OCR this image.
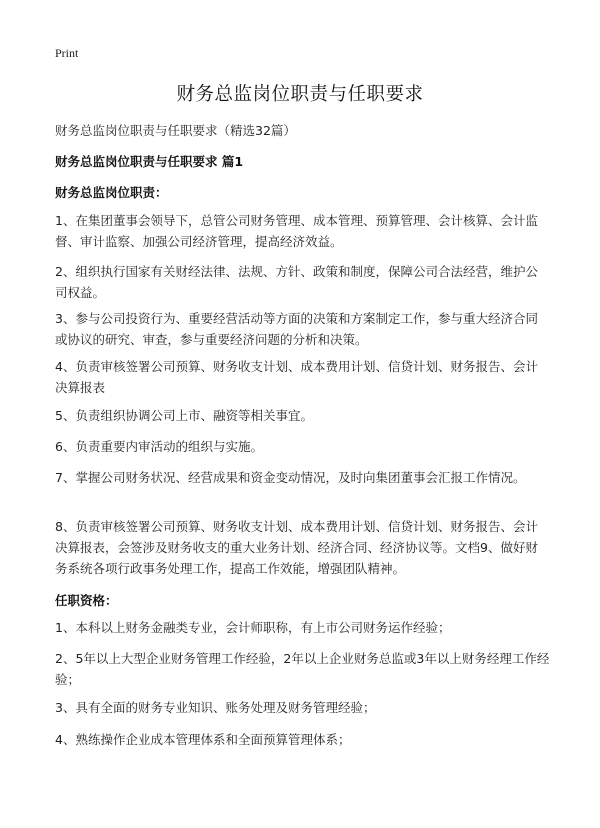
Print
财务总监岗位职责与任职要求
财务总监岗位职责与任职要求（精选32篇）
财务总监岗位职责与任职要求 篇1
财务总监岗位职责：
1、在集团董事会领导下，总管公司财务管理、成本管理、预算管理、会计核算、会计监督、审计监察、加强公司经济管理，提高经济效益。
2、组织执行国家有关财经法律、法规、方针、政策和制度，保障公司合法经营，维护公司权益。
3、参与公司投资行为、重要经营活动等方面的决策和方案制定工作，参与重大经济合同或协议的研究、审查，参与重要经济问题的分析和决策。
4、负责审核签署公司预算、财务收支计划、成本费用计划、信贷计划、财务报告、会计决算报表
5、负责组织协调公司上市、融资等相关事宜。
6、负责重要内审活动的组织与实施。
7、掌握公司财务状况、经营成果和资金变动情况，及时向集团董事会汇报工作情况。
8、负责审核签署公司预算、财务收支计划、成本费用计划、信贷计划、财务报告、会计决算报表，会签涉及财务收支的重大业务计划、经济合同、经济协议等。文档9、做好财务系统各项行政事务处理工作，提高工作效能，增强团队精神。
任职资格：
1、本科以上财务金融类专业，会计师职称，有上市公司财务运作经验；
2、5年以上大型企业财务管理工作经验，2年以上企业财务总监或3年以上财务经理工作经验；
3、具有全面的财务专业知识、账务处理及财务管理经验；
4、熟练操作企业成本管理体系和全面预算管理体系；
